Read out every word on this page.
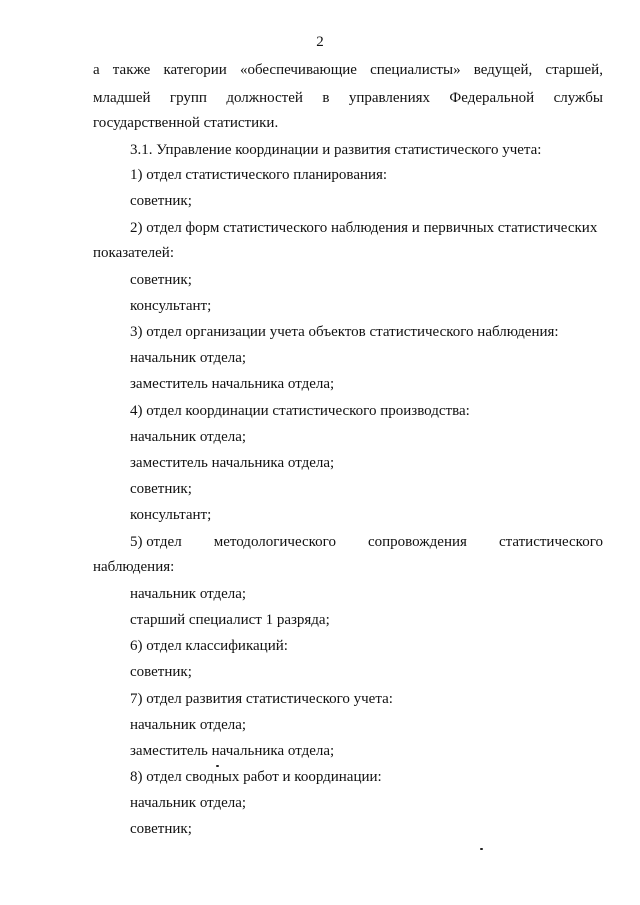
2
а также категории «обеспечивающие специалисты» ведущей, старшей,
младшей групп должностей в управлениях Федеральной службы
государственной статистики.
3.1. Управление координации и развития статистического учета:
1) отдел статистического планирования:
советник;
2) отдел форм статистического наблюдения и первичных статистических
показателей:
советник;
консультант;
3) отдел организации учета объектов статистического наблюдения:
начальник отдела;
заместитель начальника отдела;
4) отдел координации статистического производства:
начальник отдела;
заместитель начальника отдела;
советник;
консультант;
5) отдел методологического сопровождения статистического
наблюдения:
начальник отдела;
старший специалист 1 разряда;
6) отдел классификаций:
советник;
7) отдел развития статистического учета:
начальник отдела;
заместитель начальника отдела;
8) отдел сводных работ и координации:
начальник отдела;
советник;
